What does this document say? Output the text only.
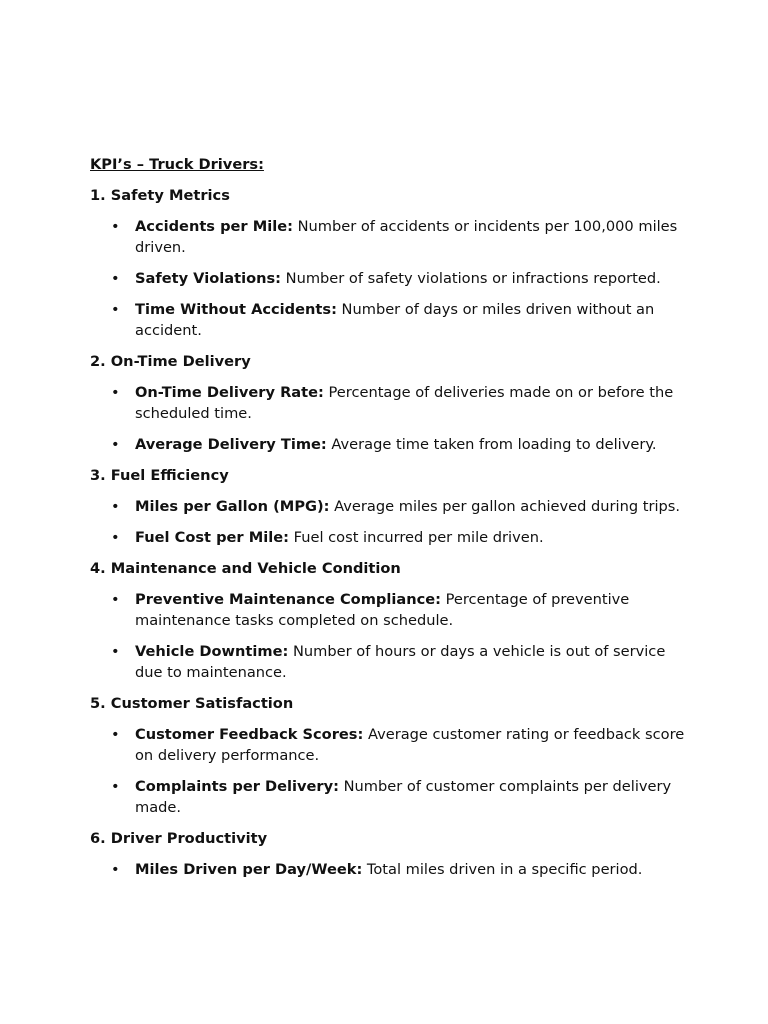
KPI’s – Truck Drivers:
1. Safety Metrics
• Accidents per Mile: Number of accidents or incidents per 100,000 miles driven.
• Safety Violations: Number of safety violations or infractions reported.
• Time Without Accidents: Number of days or miles driven without an accident.
2. On-Time Delivery
• On-Time Delivery Rate: Percentage of deliveries made on or before the scheduled time.
• Average Delivery Time: Average time taken from loading to delivery.
3. Fuel Efficiency
• Miles per Gallon (MPG): Average miles per gallon achieved during trips.
• Fuel Cost per Mile: Fuel cost incurred per mile driven.
4. Maintenance and Vehicle Condition
• Preventive Maintenance Compliance: Percentage of preventive maintenance tasks completed on schedule.
• Vehicle Downtime: Number of hours or days a vehicle is out of service due to maintenance.
5. Customer Satisfaction
• Customer Feedback Scores: Average customer rating or feedback score on delivery performance.
• Complaints per Delivery: Number of customer complaints per delivery made.
6. Driver Productivity
• Miles Driven per Day/Week: Total miles driven in a specific period.
